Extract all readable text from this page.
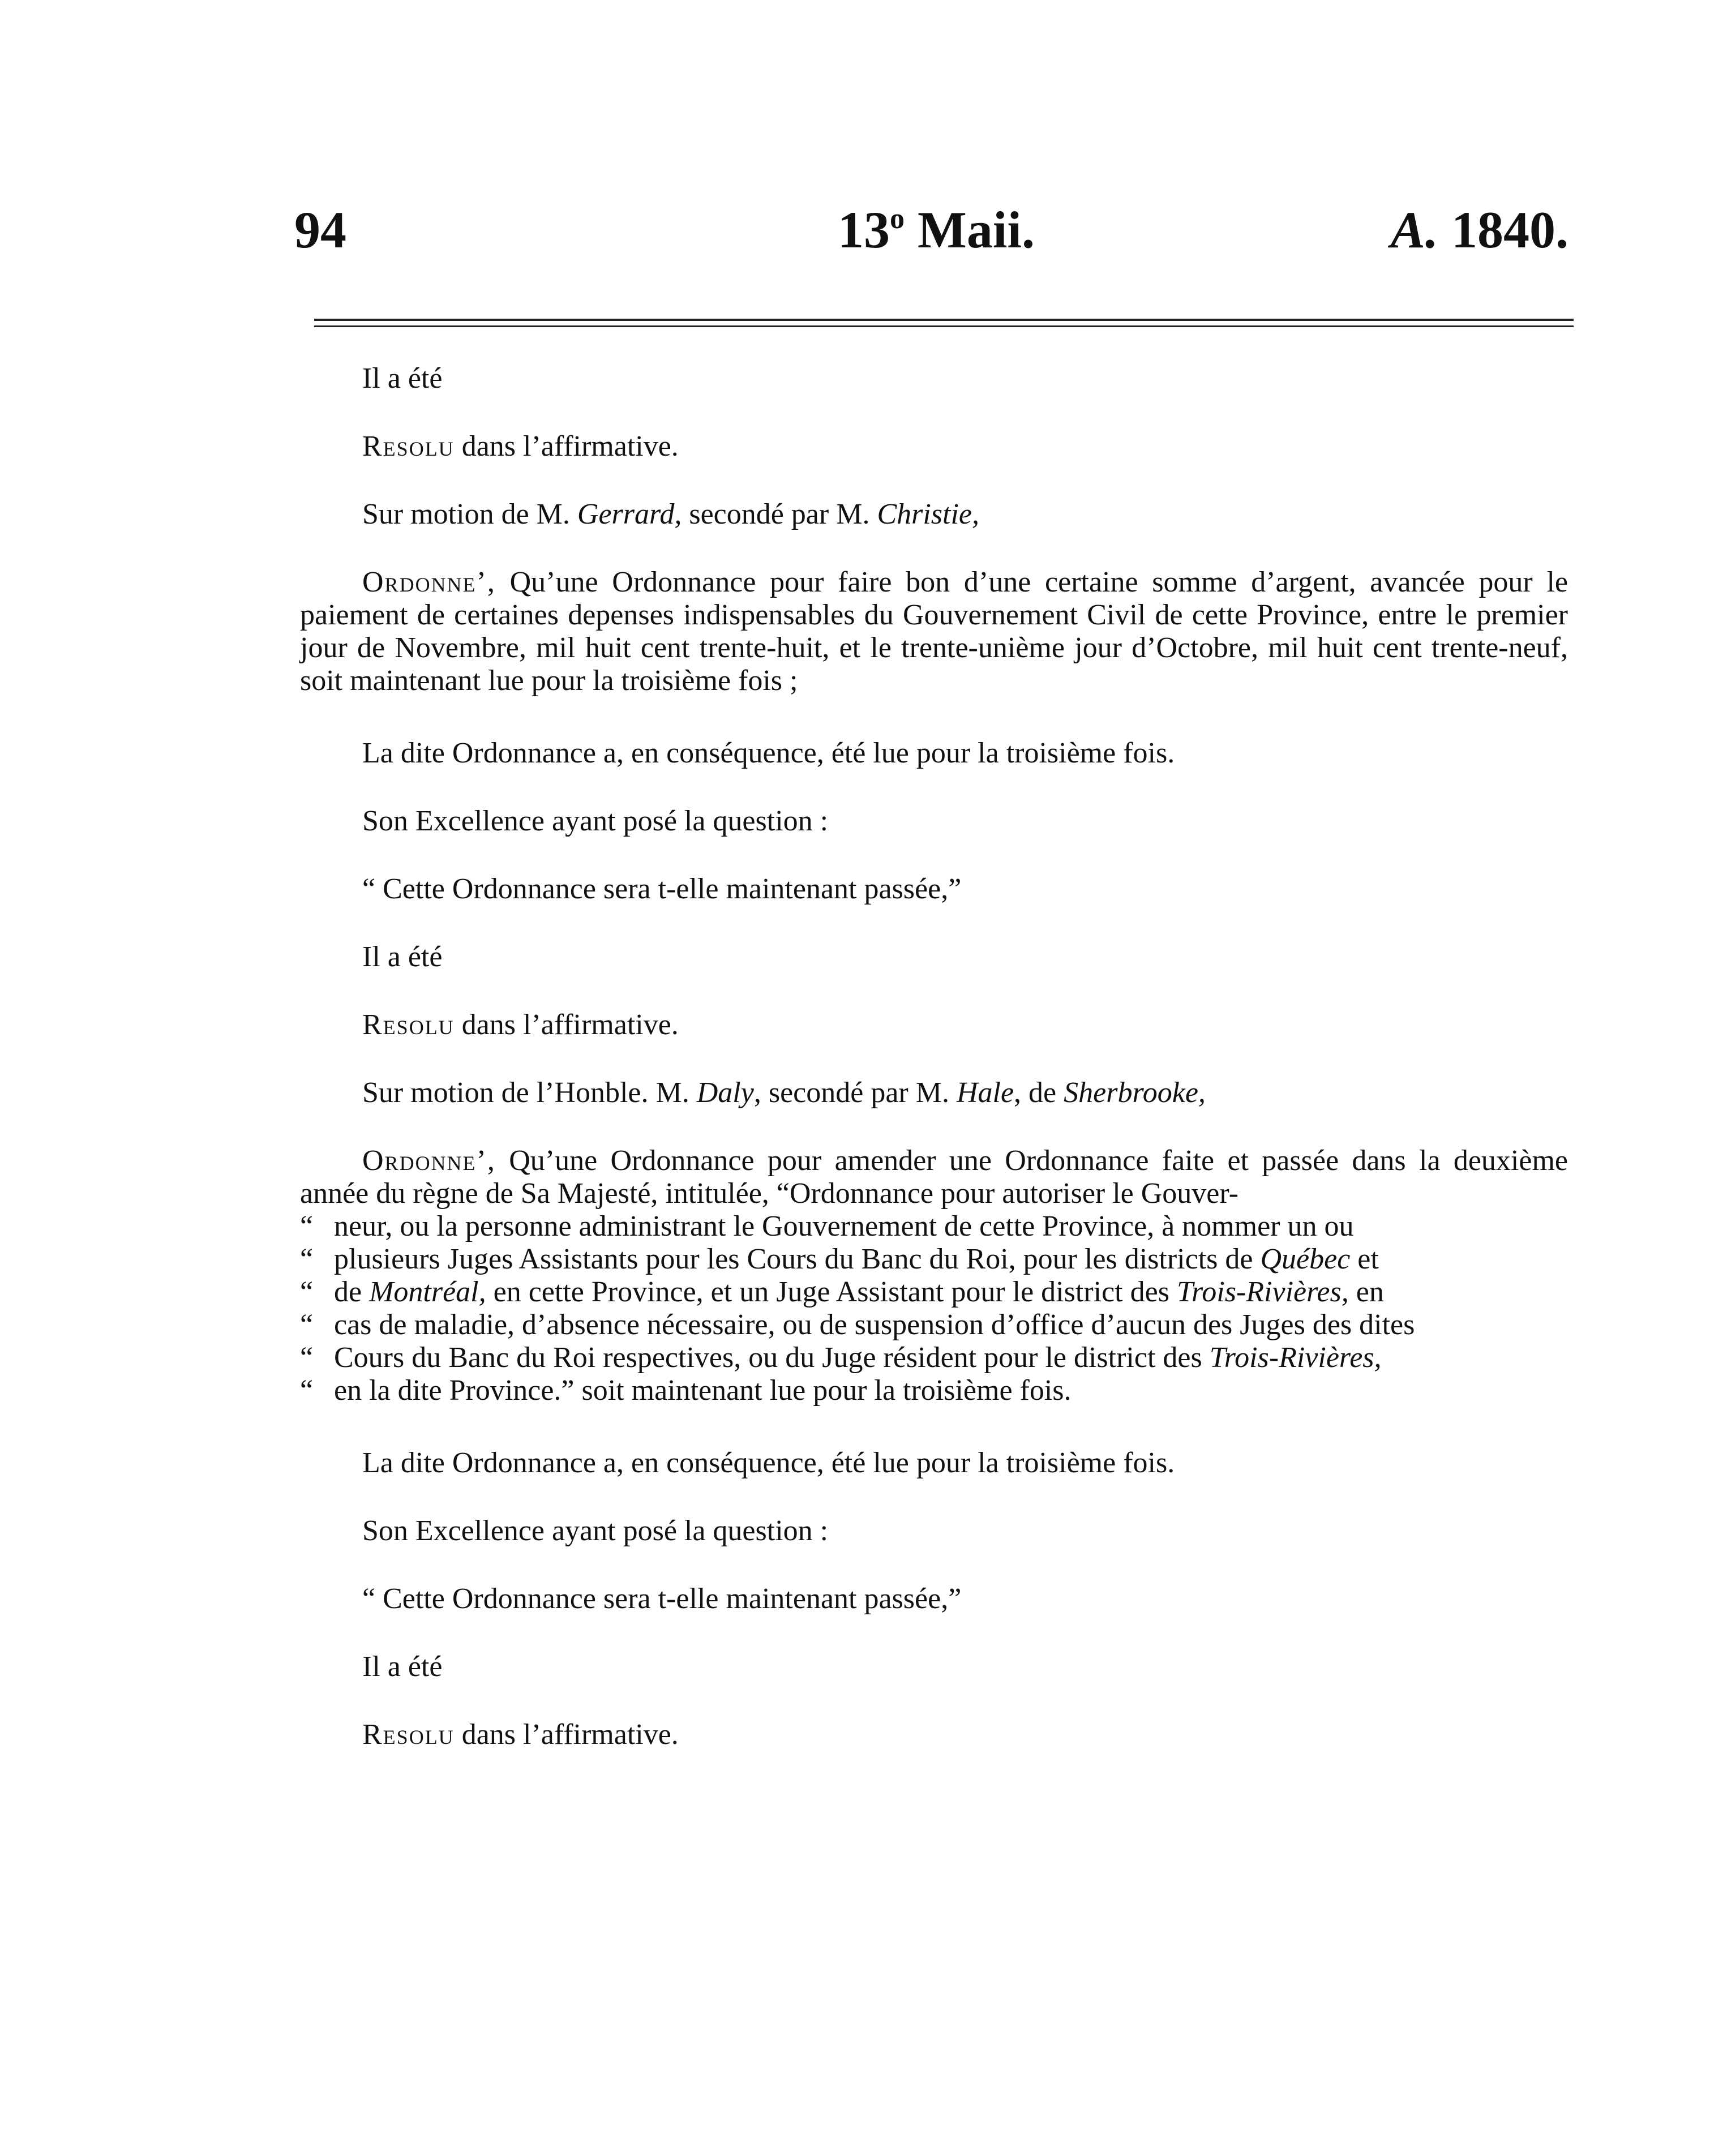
94	13$^o$ Maii.	A. 1840.

Il a été

Resolu dans l’affirmative.

Sur motion de M. Gerrard, secondé par M. Christie,

Ordonne’, Qu’une Ordonnance pour faire bon d’une certaine somme d’argent, avancée pour le paiement de certaines depenses indispensables du Gouvernement Civil de cette Province, entre le premier jour de Novembre, mil huit cent trente-huit, et le trente-unième jour d’Octobre, mil huit cent trente-neuf, soit maintenant lue pour la troisième fois ;

La dite Ordonnance a, en conséquence, été lue pour la troisième fois.

Son Excellence ayant posé la question :

“ Cette Ordonnance sera t-elle maintenant passée,”

Il a été

Resolu dans l’affirmative.

Sur motion de l’Honble. M. Daly, secondé par M. Hale, de Sherbrooke,

Ordonne’, Qu’une Ordonnance pour amender une Ordonnance faite et passée dans la deuxième année du règne de Sa Majesté, intitulée, “Ordonnance pour autoriser le Gouver-
“ neur, ou la personne administrant le Gouvernement de cette Province, à nommer un ou
“ plusieurs Juges Assistants pour les Cours du Banc du Roi, pour les districts de Québec et
“ de Montréal, en cette Province, et un Juge Assistant pour le district des Trois-Rivières, en
“ cas de maladie, d’absence nécessaire, ou de suspension d’office d’aucun des Juges des dites
“ Cours du Banc du Roi respectives, ou du Juge résident pour le district des Trois-Rivières,
“ en la dite Province.” soit maintenant lue pour la troisième fois.

La dite Ordonnance a, en conséquence, été lue pour la troisième fois.

Son Excellence ayant posé la question :

“ Cette Ordonnance sera t-elle maintenant passée,”

Il a été

Resolu dans l’affirmative.
